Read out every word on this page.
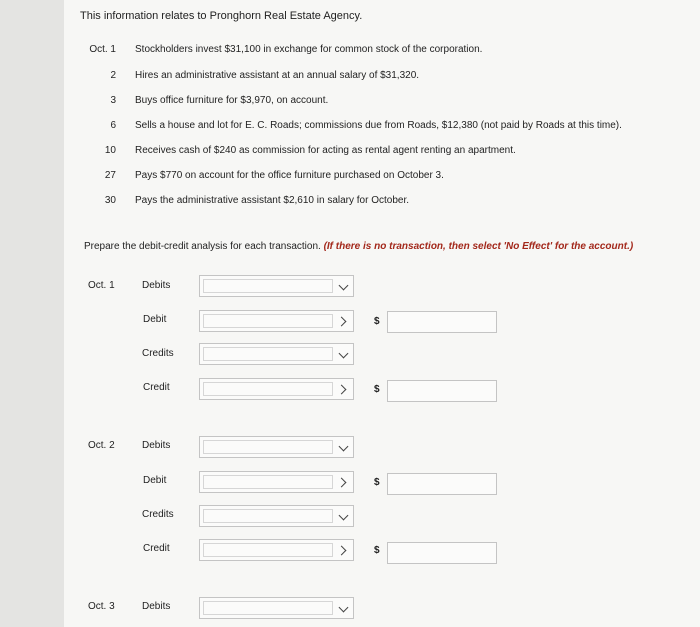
This information relates to Pronghorn Real Estate Agency.
Oct. 1 Stockholders invest $31,100 in exchange for common stock of the corporation.
2 Hires an administrative assistant at an annual salary of $31,320.
3 Buys office furniture for $3,970, on account.
6 Sells a house and lot for E. C. Roads; commissions due from Roads, $12,380 (not paid by Roads at this time).
10 Receives cash of $240 as commission for acting as rental agent renting an apartment.
27 Pays $770 on account for the office furniture purchased on October 3.
30 Pays the administrative assistant $2,610 in salary for October.
Prepare the debit-credit analysis for each transaction. (If there is no transaction, then select 'No Effect' for the account.)
Oct. 1	Debits
Debit	$
Credits
Credit	$
Oct. 2	Debits
Debit	$
Credits
Credit	$
Oct. 3	Debits
